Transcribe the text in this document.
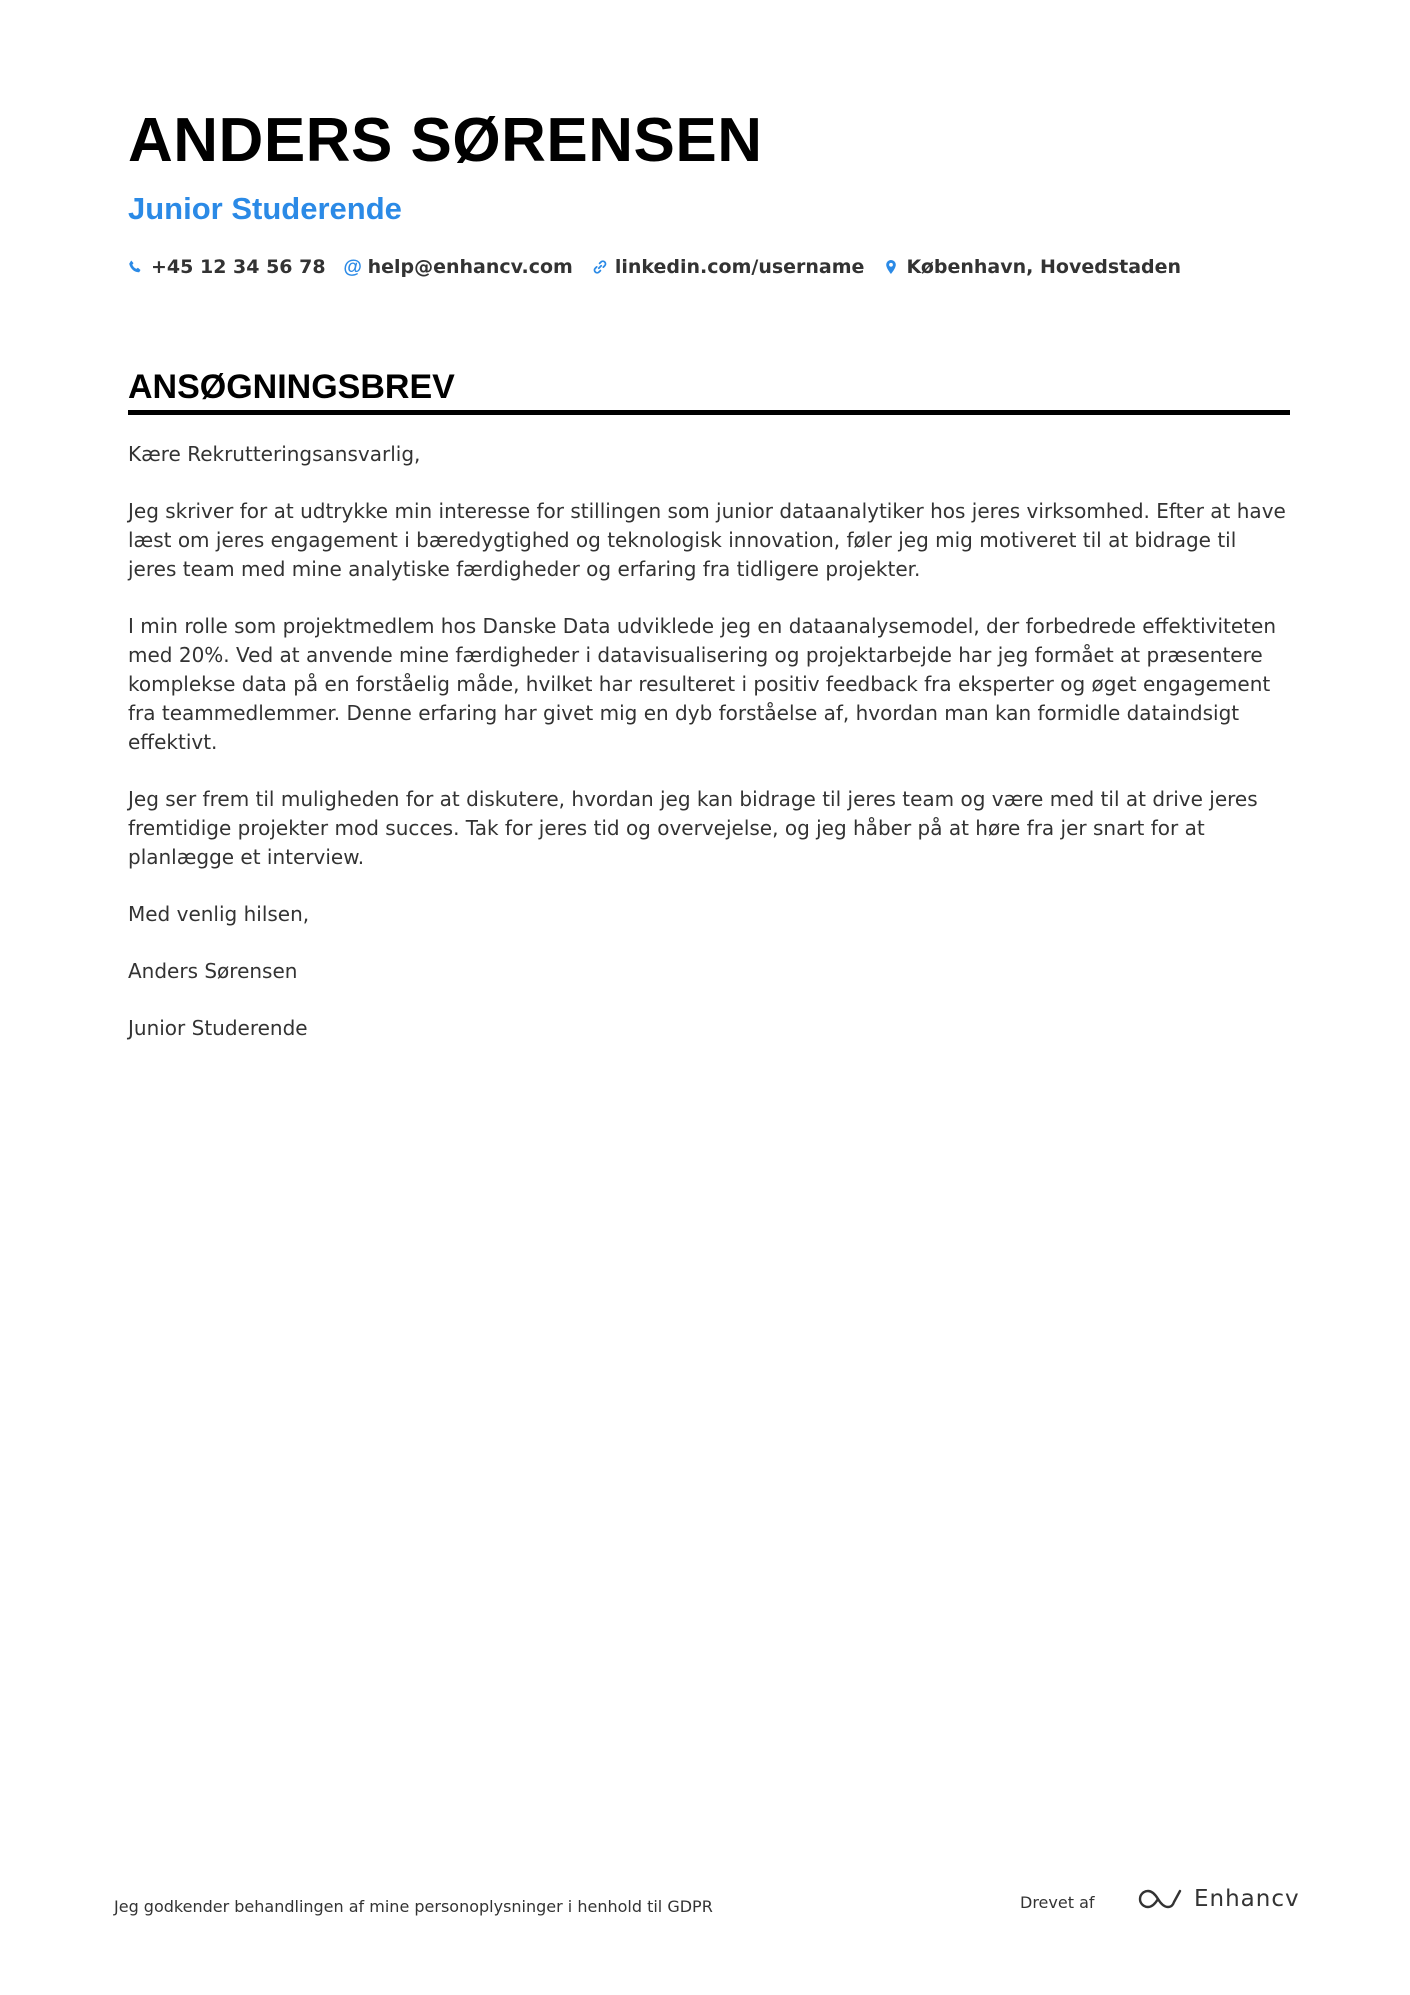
ANDERS SØRENSEN
Junior Studerende
+45 12 34 56 78 @ help@enhancv.com linkedin.com/username København, Hovedstaden
ANSØGNINGSBREV

Kære Rekrutteringsansvarlig,

Jeg skriver for at udtrykke min interesse for stillingen som junior dataanalytiker hos jeres virksomhed. Efter at have læst om jeres engagement i bæredygtighed og teknologisk innovation, føler jeg mig motiveret til at bidrage til jeres team med mine analytiske færdigheder og erfaring fra tidligere projekter.

I min rolle som projektmedlem hos Danske Data udviklede jeg en dataanalysemodel, der forbedrede effektiviteten med 20%. Ved at anvende mine færdigheder i datavisualisering og projektarbejde har jeg formået at præsentere komplekse data på en forståelig måde, hvilket har resulteret i positiv feedback fra eksperter og øget engagement fra teammedlemmer. Denne erfaring har givet mig en dyb forståelse af, hvordan man kan formidle dataindsigt effektivt.

Jeg ser frem til muligheden for at diskutere, hvordan jeg kan bidrage til jeres team og være med til at drive jeres fremtidige projekter mod succes. Tak for jeres tid og overvejelse, og jeg håber på at høre fra jer snart for at planlægge et interview.

Med venlig hilsen,

Anders Sørensen

Junior Studerende

Jeg godkender behandlingen af mine personoplysninger i henhold til GDPR	Drevet af	Enhancv
